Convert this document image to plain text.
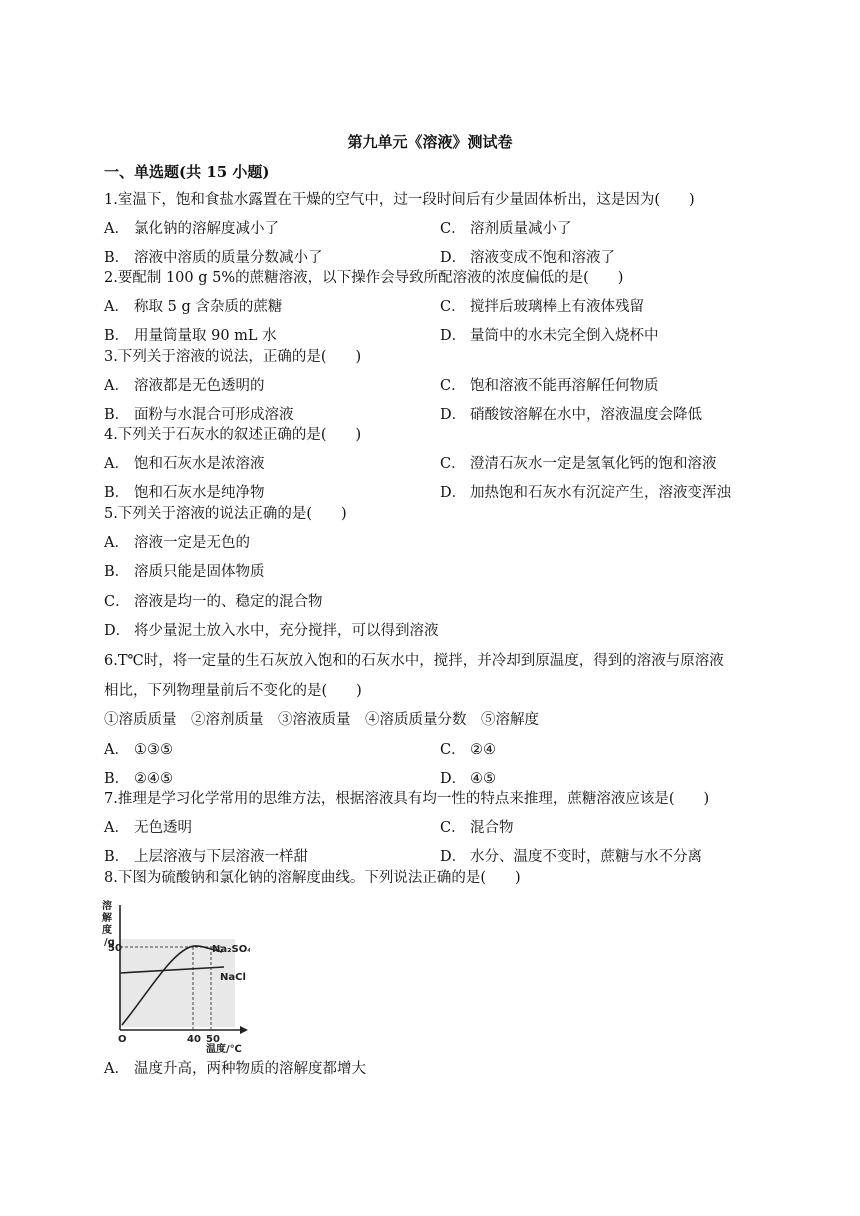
第九单元《溶液》测试卷
一、单选题(共 15 小题)
1.室温下，饱和食盐水露置在干燥的空气中，过一段时间后有少量固体析出，这是因为(　　)
A． 氯化钠的溶解度减小了	C． 溶剂质量减小了
B． 溶液中溶质的质量分数减小了	D． 溶液变成不饱和溶液了
2.要配制 100 g 5%的蔗糖溶液，以下操作会导致所配溶液的浓度偏低的是(　　)
A． 称取 5 g 含杂质的蔗糖	C． 搅拌后玻璃棒上有液体残留
B． 用量筒量取 90 mL 水	D． 量筒中的水未完全倒入烧杯中
3.下列关于溶液的说法，正确的是(　　)
A． 溶液都是无色透明的	C． 饱和溶液不能再溶解任何物质
B． 面粉与水混合可形成溶液	D． 硝酸铵溶解在水中，溶液温度会降低
4.下列关于石灰水的叙述正确的是(　　)
A． 饱和石灰水是浓溶液	C． 澄清石灰水一定是氢氧化钙的饱和溶液
B． 饱和石灰水是纯净物	D． 加热饱和石灰水有沉淀产生，溶液变浑浊
5.下列关于溶液的说法正确的是(　　)
A． 溶液一定是无色的
B． 溶质只能是固体物质
C． 溶液是均一的、稳定的混合物
D． 将少量泥土放入水中，充分搅拌，可以得到溶液
6.T℃时，将一定量的生石灰放入饱和的石灰水中，搅拌，并冷却到原温度，得到的溶液与原溶液
相比，下列物理量前后不变化的是(　　)
①溶质质量　②溶剂质量　③溶液质量　④溶质质量分数　⑤溶解度
A． ①③⑤	C． ②④
B． ②④⑤	D． ④⑤
7.推理是学习化学常用的思维方法，根据溶液具有均一性的特点来推理，蔗糖溶液应该是(　　)
A． 无色透明	C． 混合物
B． 上层溶液与下层溶液一样甜	D． 水分、温度不变时，蔗糖与水不分离
8.下图为硫酸钠和氯化钠的溶解度曲线。下列说法正确的是(　　)
溶
解
度
/g
50
O	40 50
温度/℃
Na₂SO₄
NaCl
A． 温度升高，两种物质的溶解度都增大
